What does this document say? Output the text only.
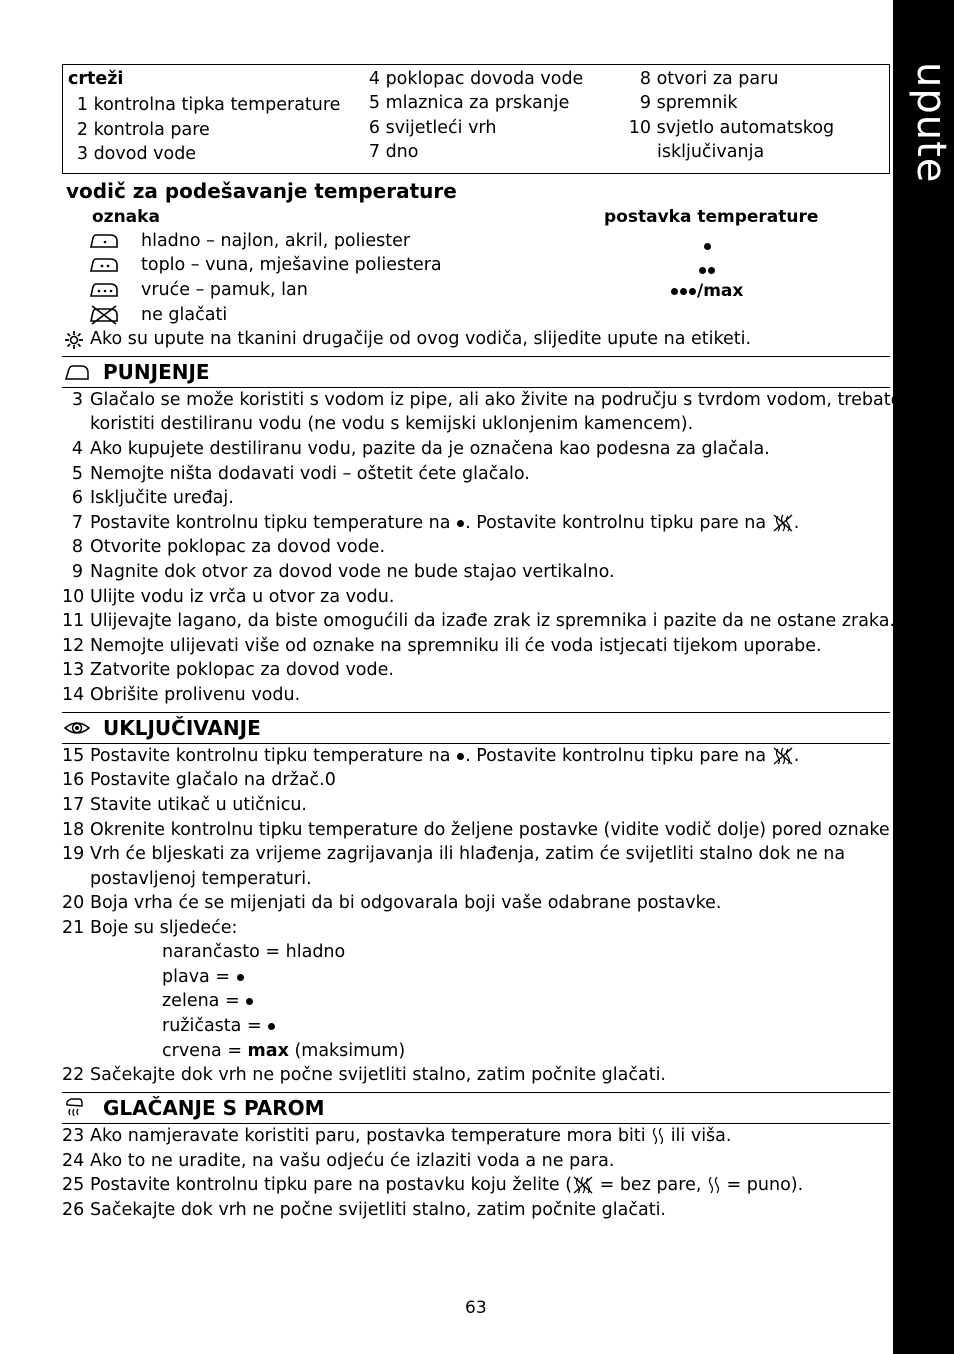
upute
crteži
1 kontrolna tipka temperature
2 kontrola pare
3 dovod vode
4 poklopac dovoda vode
5 mlaznica za prskanje
6 svijetleći vrh
7 dno
8 otvori za paru
9 spremnik
10 svjetlo automatskog
isključivanja
vodič za podešavanje temperature
oznaka	postavka temperature
hladno – najlon, akril, poliester
toplo – vuna, mješavine poliestera
vruće – pamuk, lan
ne glačati
/max
Ako su upute na tkanini drugačije od ovog vodiča, slijedite upute na etiketi.
PUNJENJE
3 Glačalo se može koristiti s vodom iz pipe, ali ako živite na području s tvrdom vodom, trebate
koristiti destiliranu vodu (ne vodu s kemijski uklonjenim kamencem).
4 Ako kupujete destiliranu vodu, pazite da je označena kao podesna za glačala.
5 Nemojte ništa dodavati vodi – oštetit ćete glačalo.
6 Isključite uređaj.
7 Postavite kontrolnu tipku temperature na . Postavite kontrolnu tipku pare na .
8 Otvorite poklopac za dovod vode.
9 Nagnite dok otvor za dovod vode ne bude stajao vertikalno.
10 Ulijte vodu iz vrča u otvor za vodu.
11 Ulijevajte lagano, da biste omogućili da izađe zrak iz spremnika i pazite da ne ostane zraka.
12 Nemojte ulijevati više od oznake na spremniku ili će voda istjecati tijekom uporabe.
13 Zatvorite poklopac za dovod vode.
14 Obrišite prolivenu vodu.
UKLJUČIVANJE
15 Postavite kontrolnu tipku temperature na . Postavite kontrolnu tipku pare na .
16 Postavite glačalo na držač.0
17 Stavite utikač u utičnicu.
18 Okrenite kontrolnu tipku temperature do željene postavke (vidite vodič dolje) pored oznake .
19 Vrh će bljeskati za vrijeme zagrijavanja ili hlađenja, zatim će svijetliti stalno dok ne na
postavljenoj temperaturi.
20 Boja vrha će se mijenjati da bi odgovarala boji vaše odabrane postavke.
21 Boje su sljedeće:
narančasto = hladno
plava =
zelena =
ružičasta =
crvena = max (maksimum)
22 Sačekajte dok vrh ne počne svijetliti stalno, zatim počnite glačati.
GLAČANJE S PAROM
23 Ako namjeravate koristiti paru, postavka temperature mora biti  ili viša.
24 Ako to ne uradite, na vašu odjeću će izlaziti voda a ne para.
25 Postavite kontrolnu tipku pare na postavku koju želite ( = bez pare,  = puno).
26 Sačekajte dok vrh ne počne svijetliti stalno, zatim počnite glačati.
63
